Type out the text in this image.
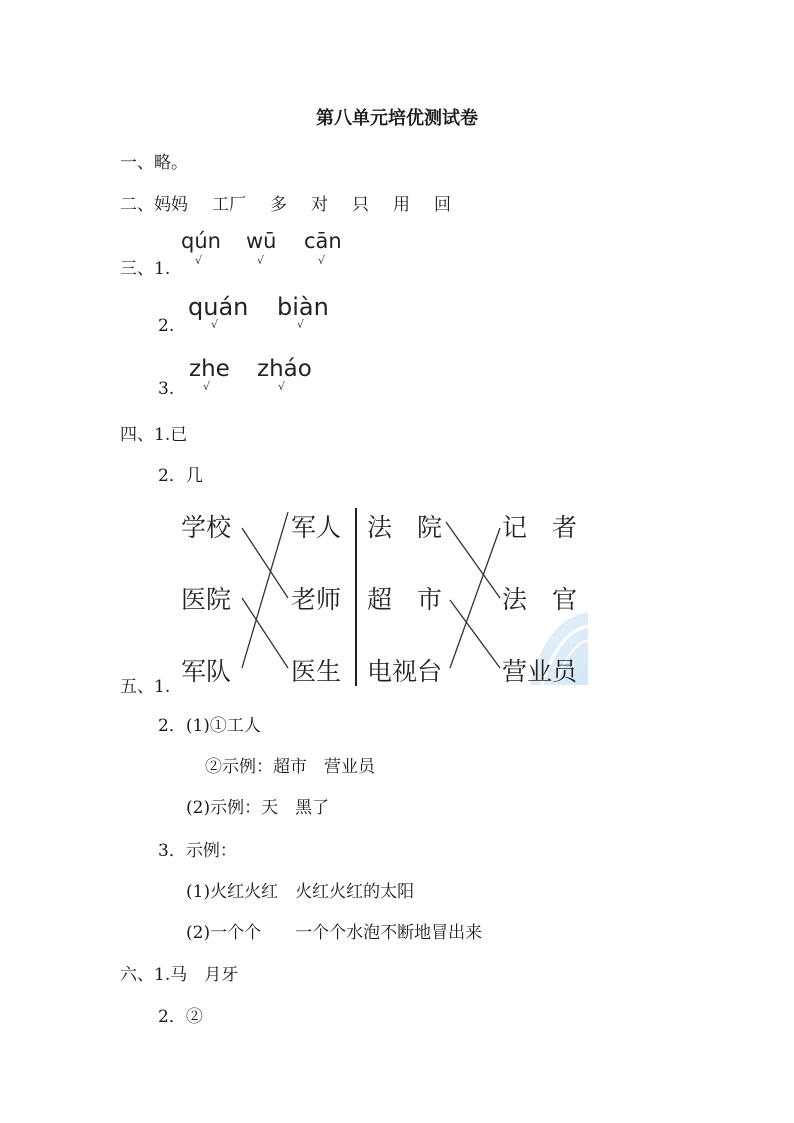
第八单元培优测试卷
一、略。
二、妈妈 工厂 多 对 只 用 回
三、1.
qún wū cān
√	√	√
2.
quán biàn
√	√
3.
zhe zháo
√	√
四、1.已
2．几
学校
医院
军队
军人
老师
医生
法　院
超　市
电视台
记　者
法　官
营业员
五、1.
2．(1)①工人
②示例：超市　营业员
(2)示例：天　黑了
3．示例：
(1)火红火红　火红火红的太阳
(2)一个个　　一个个水泡不断地冒出来
六、1.马　月牙
2．②
